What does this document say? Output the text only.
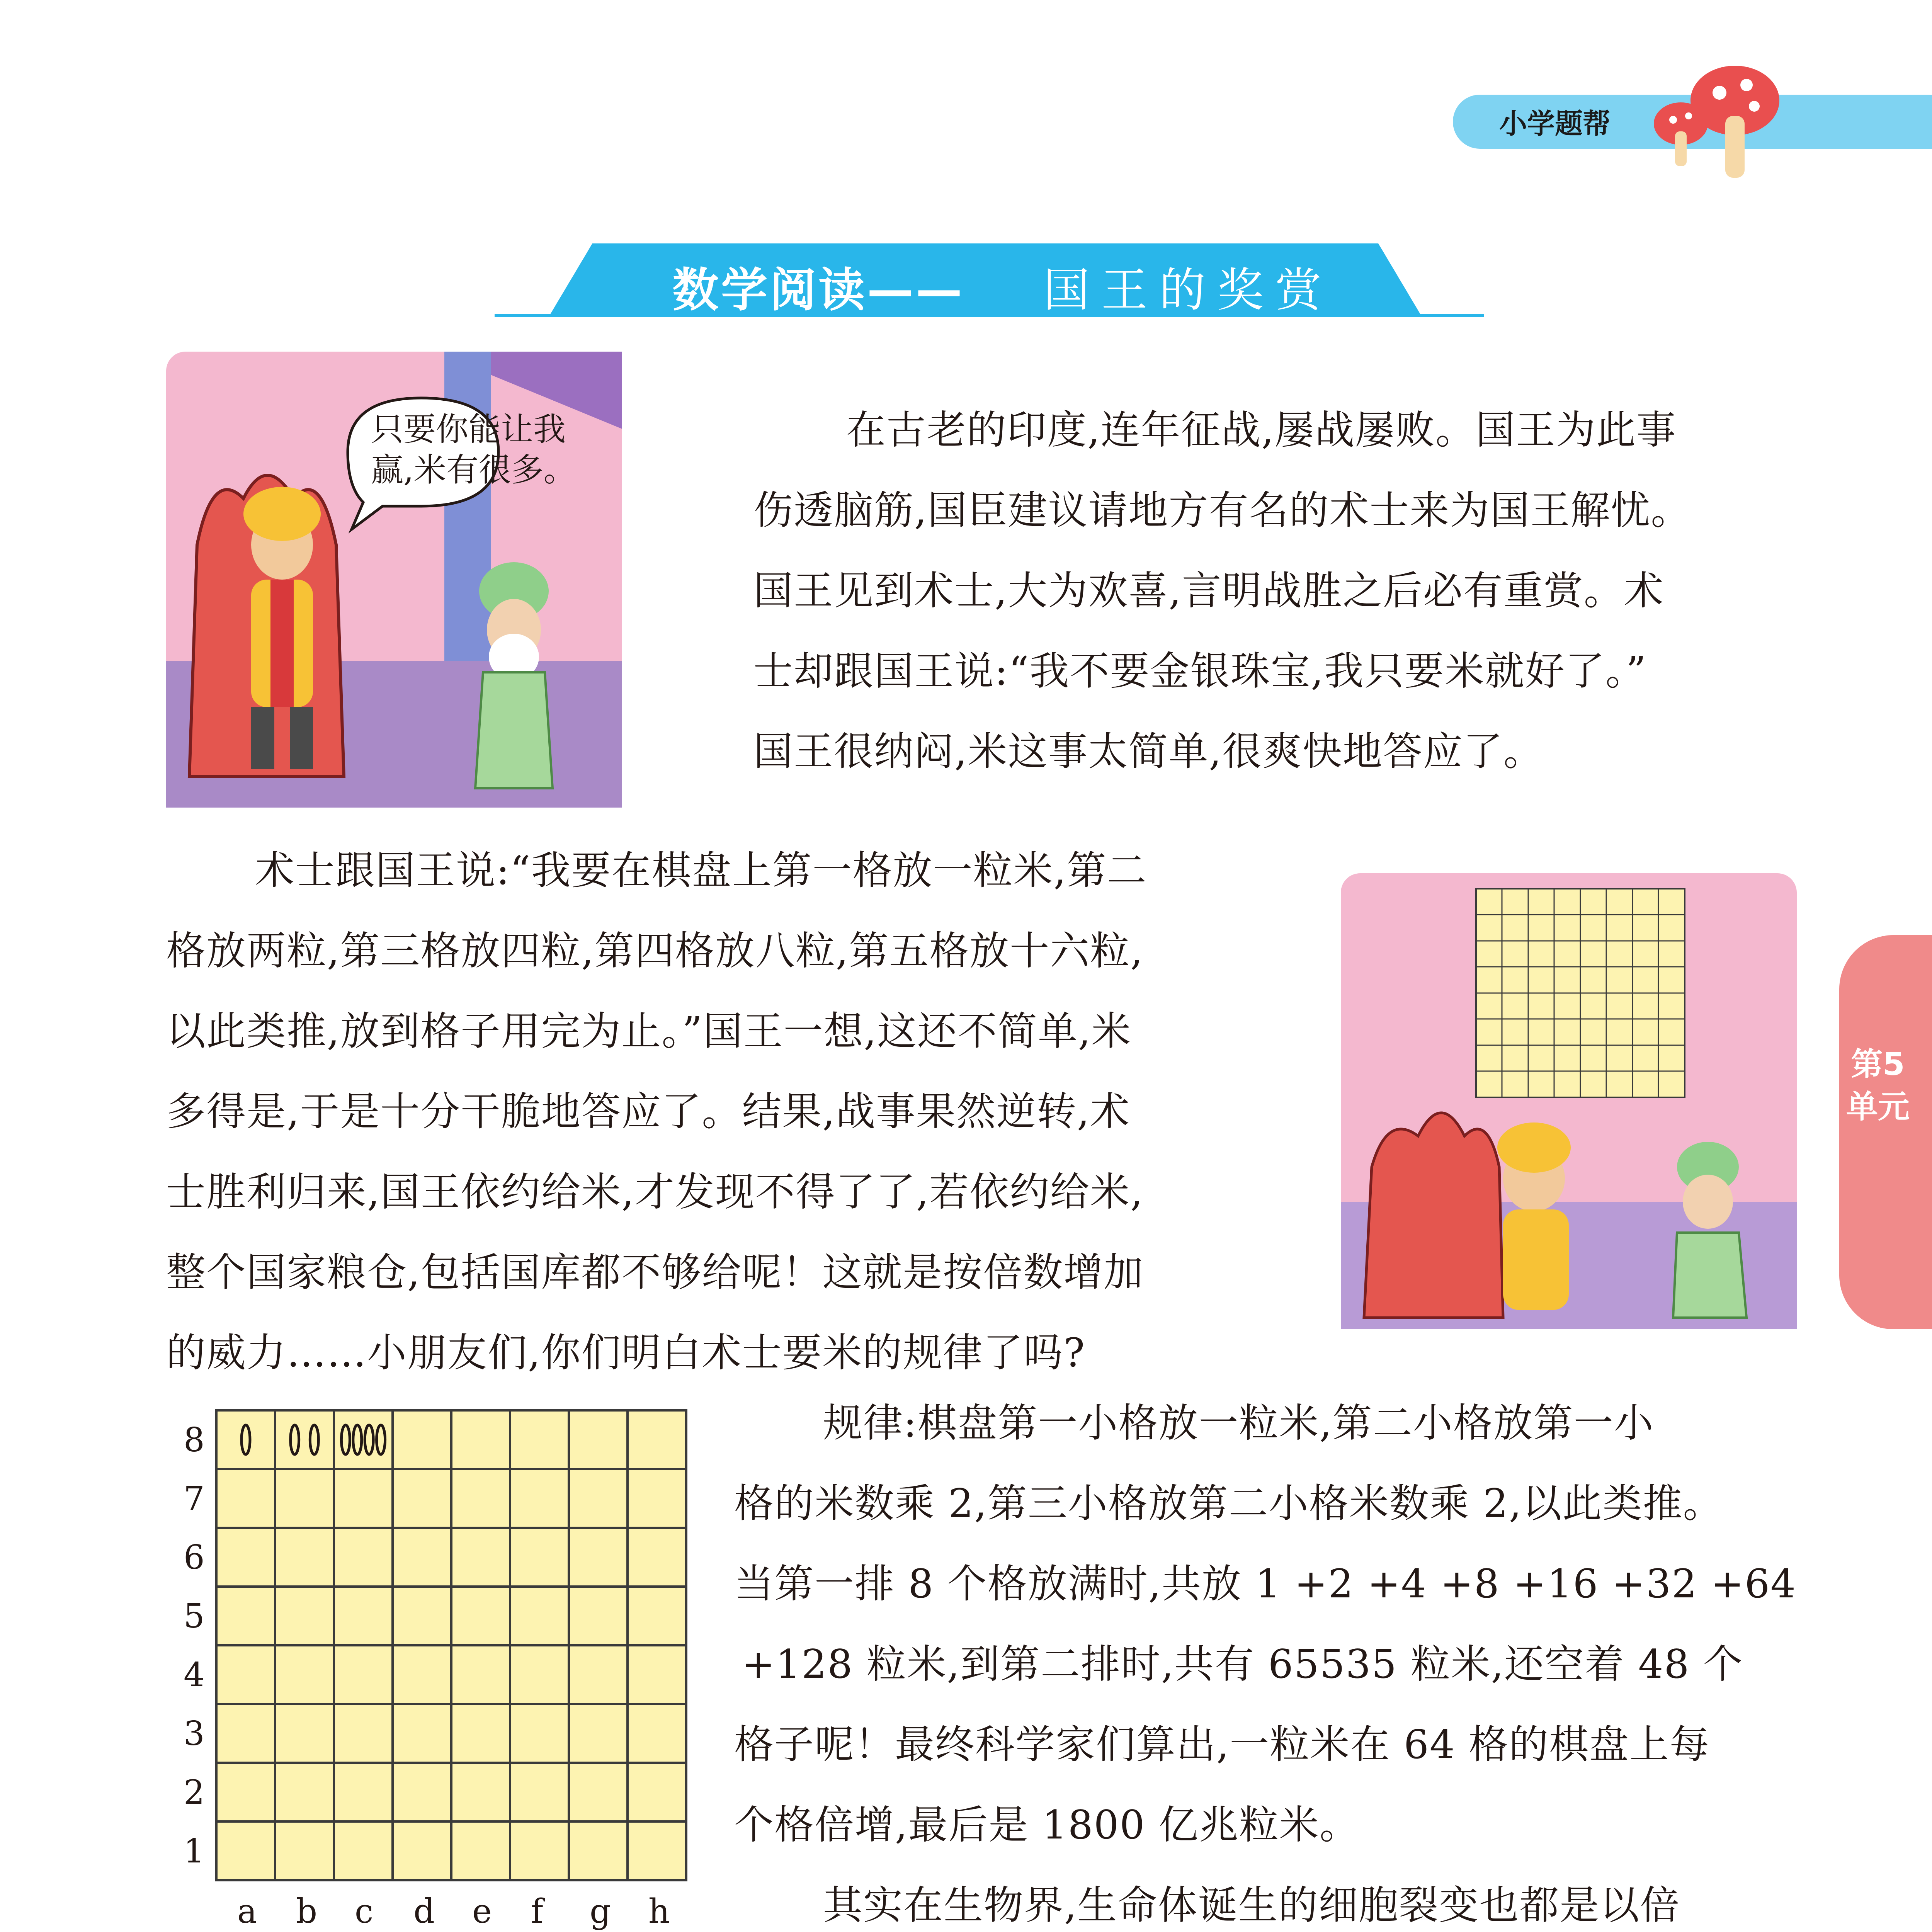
小学题帮
数学阅读—— 国王的奖赏
只要你能让我
赢,米有很多。
在古老的印度,连年征战,屡战屡败。国王为此事
伤透脑筋,国臣建议请地方有名的术士来为国王解忧。
国王见到术士,大为欢喜,言明战胜之后必有重赏。术
士却跟国王说:“我不要金银珠宝,我只要米就好了。”
国王很纳闷,米这事太简单,很爽快地答应了。
术士跟国王说:“我要在棋盘上第一格放一粒米,第二
格放两粒,第三格放四粒,第四格放八粒,第五格放十六粒,
以此类推,放到格子用完为止。”国王一想,这还不简单,米
多得是,于是十分干脆地答应了。结果,战事果然逆转,术
士胜利归来,国王依约给米,才发现不得了了,若依约给米,
整个国家粮仓,包括国库都不够给呢！这就是按倍数增加
的威力……小朋友们,你们明白术士要米的规律了吗?
8
7
6
5
4
3
2
1
a b c d e f g h
规律:棋盘第一小格放一粒米,第二小格放第一小
格的米数乘 2,第三小格放第二小格米数乘 2,以此类推。
当第一排 8 个格放满时,共放 1 +2 +4 +8 +16 +32 +64
+128 粒米,到第二排时,共有 65535 粒米,还空着 48 个
格子呢！最终科学家们算出,一粒米在 64 格的棋盘上每
个格倍增,最后是 1800 亿兆粒米。
其实在生物界,生命体诞生的细胞裂变也都是以倍
第5单元
